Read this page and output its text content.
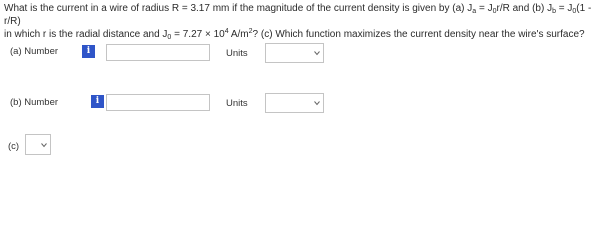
What is the current in a wire of radius R = 3.17 mm if the magnitude of the current density is given by (a) $J_a = J_0r/R$ and (b) $J_b = J_0(1 - r/R)$
in which r is the radial distance and $J_0 = 7.27 \times 10^4$ $A/m^2$? (c) Which function maximizes the current density near the wire's surface?

(a) Number	i	Units
(b) Number	i	Units
(c)
